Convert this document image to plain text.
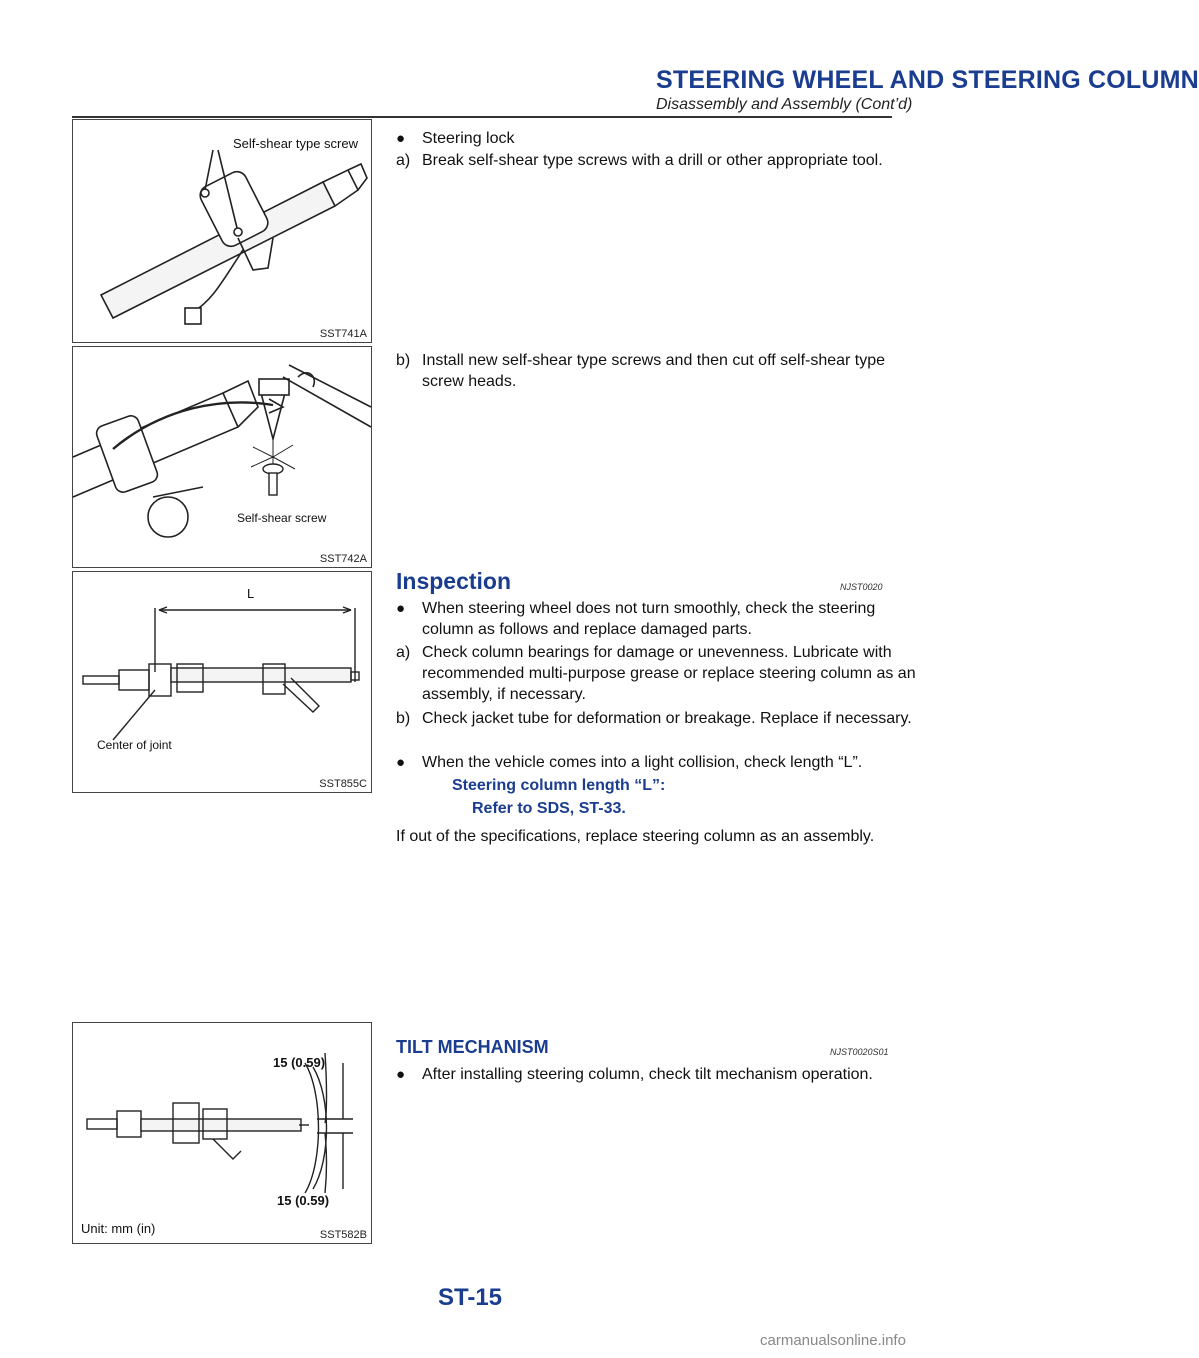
STEERING WHEEL AND STEERING COLUMN
Disassembly and Assembly (Cont’d)
Self-shear type screw
SST741A
Self-shear screw
SST742A
L
Center of joint
SST855C
15 (0.59)
15 (0.59)
Unit: mm (in)	SST582B
● Steering lock
a) Break self-shear type screws with a drill or other appropriate tool.
b) Install new self-shear type screws and then cut off self-shear type screw heads.
Inspection	NJST0020
● When steering wheel does not turn smoothly, check the steering column as follows and replace damaged parts.
a) Check column bearings for damage or unevenness. Lubricate with recommended multi-purpose grease or replace steering column as an assembly, if necessary.
b) Check jacket tube for deformation or breakage. Replace if necessary.
● When the vehicle comes into a light collision, check length “L”.
Steering column length “L”:
Refer to SDS, ST-33.
If out of the specifications, replace steering column as an assembly.
TILT MECHANISM	NJST0020S01
● After installing steering column, check tilt mechanism operation.
ST-15
carmanualsonline.info
